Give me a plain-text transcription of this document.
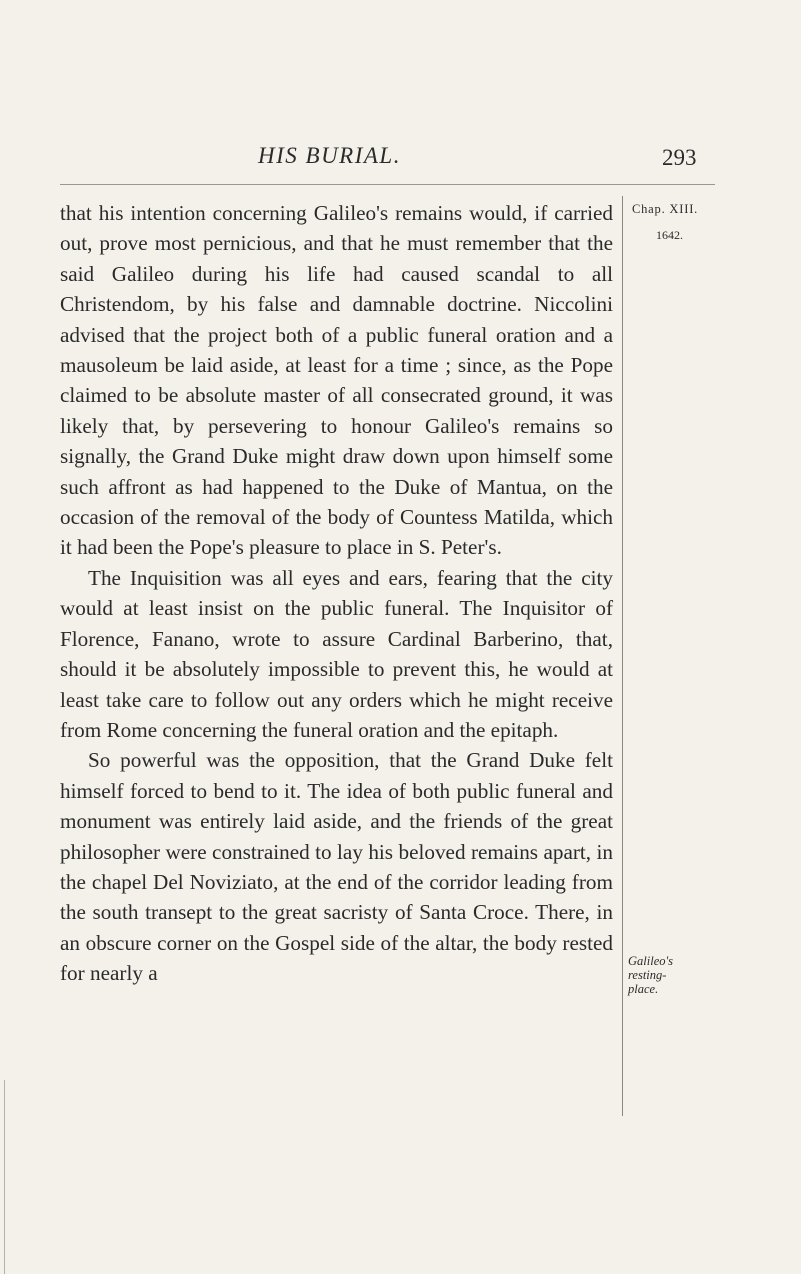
HIS BURIAL.	293

that his intention concerning Galileo's remains would, if carried out, prove most pernicious, and that he must remember that the said Galileo during his life had caused scandal to all Christendom, by his false and damnable doctrine. Niccolini advised that the project both of a public funeral oration and a mausoleum be laid aside, at least for a time ; since, as the Pope claimed to be absolute master of all consecrated ground, it was likely that, by persevering to honour Galileo's remains so signally, the Grand Duke might draw down upon himself some such affront as had happened to the Duke of Mantua, on the occasion of the removal of the body of Countess Matilda, which it had been the Pope's pleasure to place in S. Peter's.

The Inquisition was all eyes and ears, fearing that the city would at least insist on the public funeral. The Inquisitor of Florence, Fanano, wrote to assure Cardinal Barberino, that, should it be absolutely impossible to prevent this, he would at least take care to follow out any orders which he might receive from Rome concerning the funeral oration and the epitaph.

So powerful was the opposition, that the Grand Duke felt himself forced to bend to it. The idea of both public funeral and monument was entirely laid aside, and the friends of the great philosopher were constrained to lay his beloved remains apart, in the chapel Del Noviziato, at the end of the corridor leading from the south transept to the great sacristy of Santa Croce. There, in an obscure corner on the Gospel side of the altar, the body rested for nearly a

Chap. XIII.
1642.
Galileo's
resting-
place.
